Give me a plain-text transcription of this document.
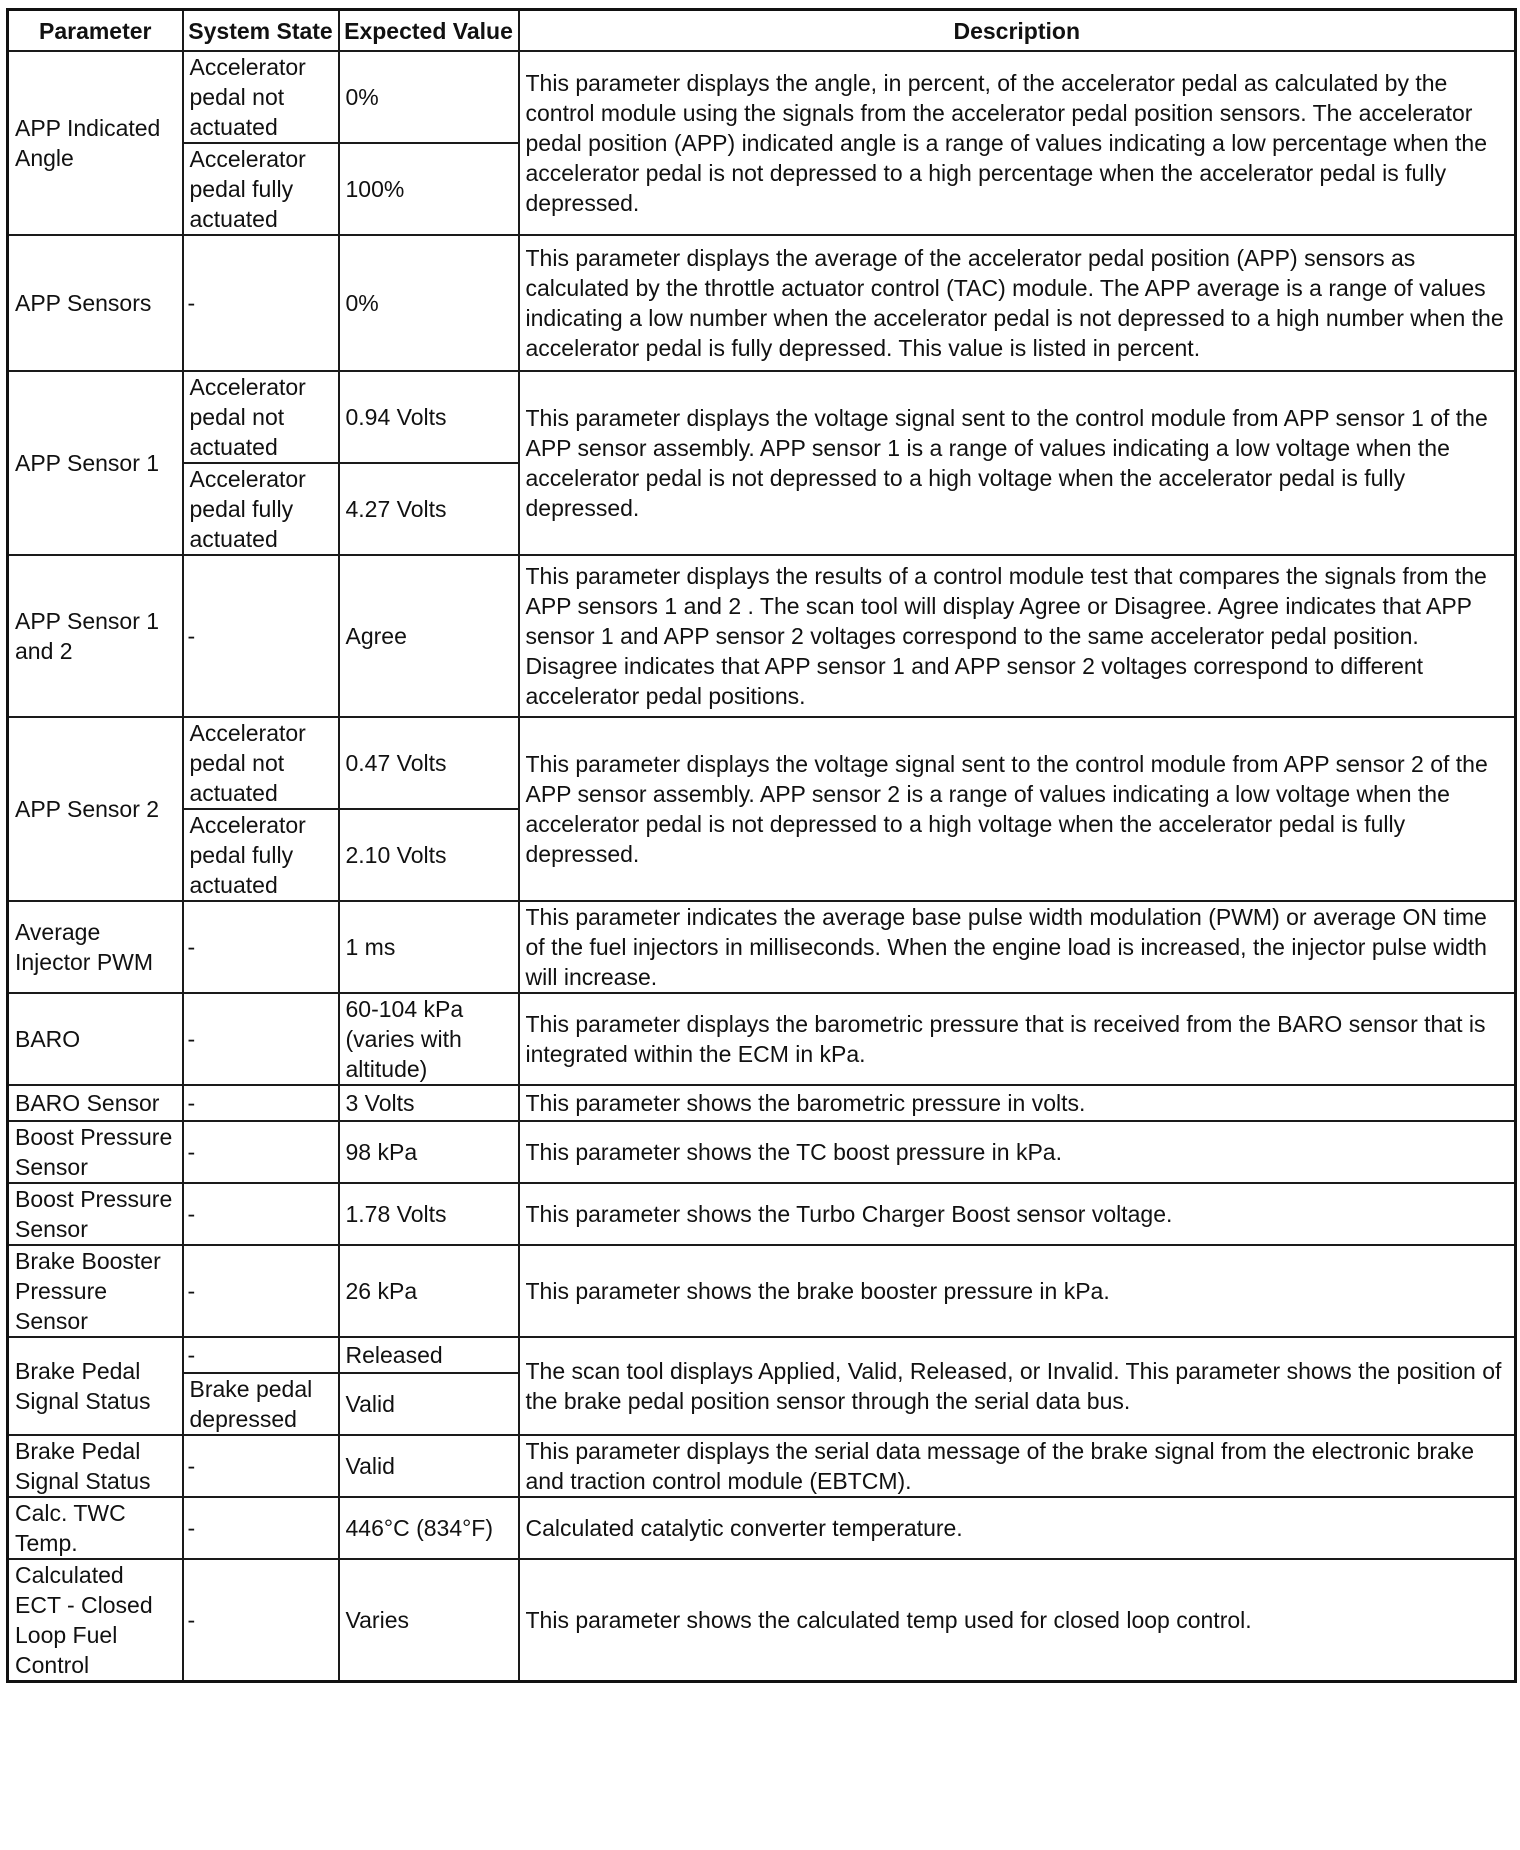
Parameter	System State	Expected Value	Description
APP Indicated Angle	Accelerator pedal not actuated	0%	This parameter displays the angle, in percent, of the accelerator pedal as calculated by the control module using the signals from the accelerator pedal position sensors. The accelerator pedal position (APP) indicated angle is a range of values indicating a low percentage when the accelerator pedal is not depressed to a high percentage when the accelerator pedal is fully depressed.
	Accelerator pedal fully actuated	100%	
APP Sensors	-	0%	This parameter displays the average of the accelerator pedal position (APP) sensors as calculated by the throttle actuator control (TAC) module. The APP average is a range of values indicating a low number when the accelerator pedal is not depressed to a high number when the accelerator pedal is fully depressed. This value is listed in percent.
APP Sensor 1	Accelerator pedal not actuated	0.94 Volts	This parameter displays the voltage signal sent to the control module from APP sensor 1 of the APP sensor assembly. APP sensor 1 is a range of values indicating a low voltage when the accelerator pedal is not depressed to a high voltage when the accelerator pedal is fully depressed.
	Accelerator pedal fully actuated	4.27 Volts	
APP Sensor 1 and 2	-	Agree	This parameter displays the results of a control module test that compares the signals from the APP sensors 1 and 2 . The scan tool will display Agree or Disagree. Agree indicates that APP sensor 1 and APP sensor 2 voltages correspond to the same accelerator pedal position. Disagree indicates that APP sensor 1 and APP sensor 2 voltages correspond to different accelerator pedal positions.
APP Sensor 2	Accelerator pedal not actuated	0.47 Volts	This parameter displays the voltage signal sent to the control module from APP sensor 2 of the APP sensor assembly. APP sensor 2 is a range of values indicating a low voltage when the accelerator pedal is not depressed to a high voltage when the accelerator pedal is fully depressed.
	Accelerator pedal fully actuated	2.10 Volts	
Average Injector PWM	-	1 ms	This parameter indicates the average base pulse width modulation (PWM) or average ON time of the fuel injectors in milliseconds. When the engine load is increased, the injector pulse width will increase.
BARO	-	60-104 kPa (varies with altitude)	This parameter displays the barometric pressure that is received from the BARO sensor that is integrated within the ECM in kPa.
BARO Sensor	-	3 Volts	This parameter shows the barometric pressure in volts.
Boost Pressure Sensor	-	98 kPa	This parameter shows the TC boost pressure in kPa.
Boost Pressure Sensor	-	1.78 Volts	This parameter shows the Turbo Charger Boost sensor voltage.
Brake Booster Pressure Sensor	-	26 kPa	This parameter shows the brake booster pressure in kPa.
Brake Pedal Signal Status	-	Released	The scan tool displays Applied, Valid, Released, or Invalid. This parameter shows the position of the brake pedal position sensor through the serial data bus.
	Brake pedal depressed	Valid	
Brake Pedal Signal Status	-	Valid	This parameter displays the serial data message of the brake signal from the electronic brake and traction control module (EBTCM).
Calc. TWC Temp.	-	446°C (834°F)	Calculated catalytic converter temperature.
Calculated ECT - Closed Loop Fuel Control	-	Varies	This parameter shows the calculated temp used for closed loop control.
